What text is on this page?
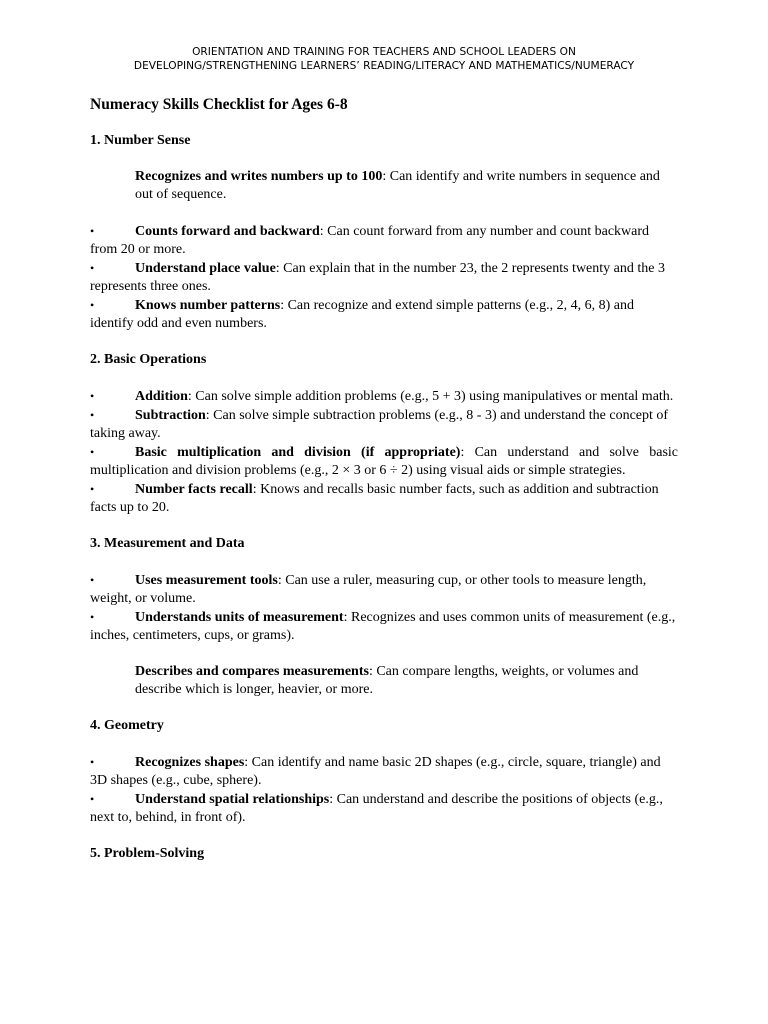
ORIENTATION AND TRAINING FOR TEACHERS AND SCHOOL LEADERS ON
DEVELOPING/STRENGTHENING LEARNERS’ READING/LITERACY AND MATHEMATICS/NUMERACY
Numeracy Skills Checklist for Ages 6-8
1. Number Sense
Recognizes and writes numbers up to 100: Can identify and write numbers in sequence and out of sequence.
•	Counts forward and backward: Can count forward from any number and count backward from 20 or more.
•	Understand place value: Can explain that in the number 23, the 2 represents twenty and the 3 represents three ones.
•	Knows number patterns: Can recognize and extend simple patterns (e.g., 2, 4, 6, 8) and identify odd and even numbers.
2. Basic Operations
•	Addition: Can solve simple addition problems (e.g., 5 + 3) using manipulatives or mental math.
•	Subtraction: Can solve simple subtraction problems (e.g., 8 - 3) and understand the concept of taking away.
•	Basic multiplication and division (if appropriate): Can understand and solve basic multiplication and division problems (e.g., 2 × 3 or 6 ÷ 2) using visual aids or simple strategies.
•	Number facts recall: Knows and recalls basic number facts, such as addition and subtraction facts up to 20.
3. Measurement and Data
•	Uses measurement tools: Can use a ruler, measuring cup, or other tools to measure length, weight, or volume.
•	Understands units of measurement: Recognizes and uses common units of measurement (e.g., inches, centimeters, cups, or grams).
Describes and compares measurements: Can compare lengths, weights, or volumes and describe which is longer, heavier, or more.
4. Geometry
•	Recognizes shapes: Can identify and name basic 2D shapes (e.g., circle, square, triangle) and 3D shapes (e.g., cube, sphere).
•	Understand spatial relationships: Can understand and describe the positions of objects (e.g., next to, behind, in front of).
5. Problem-Solving
